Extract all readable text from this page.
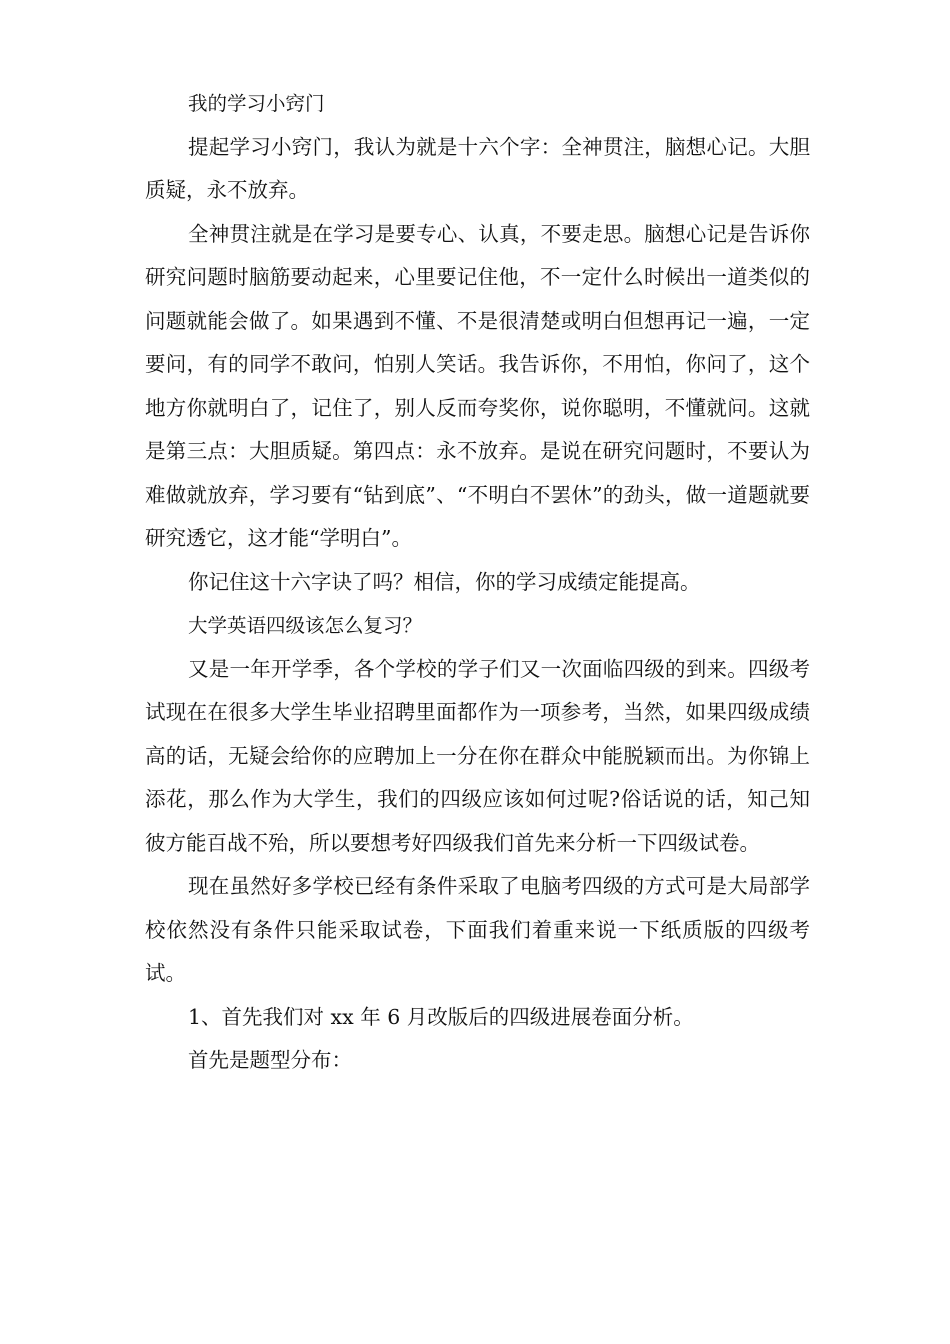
我的学习小窍门

提起学习小窍门，我认为就是十六个字：全神贯注，脑想心记。大胆质疑，永不放弃。

全神贯注就是在学习是要专心、认真，不要走思。脑想心记是告诉你研究问题时脑筋要动起来，心里要记住他，不一定什么时候出一道类似的问题就能会做了。如果遇到不懂、不是很清楚或明白但想再记一遍，一定要问，有的同学不敢问，怕别人笑话。我告诉你，不用怕，你问了，这个地方你就明白了，记住了，别人反而夸奖你，说你聪明，不懂就问。这就是第三点：大胆质疑。第四点：永不放弃。是说在研究问题时，不要认为难做就放弃，学习要有“钻到底”、“不明白不罢休”的劲头，做一道题就要研究透它，这才能“学明白”。

你记住这十六字诀了吗？相信，你的学习成绩定能提高。

大学英语四级该怎么复习？

又是一年开学季，各个学校的学子们又一次面临四级的到来。四级考试现在在很多大学生毕业招聘里面都作为一项参考，当然，如果四级成绩高的话，无疑会给你的应聘加上一分在你在群众中能脱颖而出。为你锦上添花，那么作为大学生，我们的四级应该如何过呢?俗话说的话，知己知彼方能百战不殆，所以要想考好四级我们首先来分析一下四级试卷。

现在虽然好多学校已经有条件采取了电脑考四级的方式可是大局部学校依然没有条件只能采取试卷，下面我们着重来说一下纸质版的四级考试。

1、首先我们对 xx 年 6 月改版后的四级进展卷面分析。

首先是题型分布：
